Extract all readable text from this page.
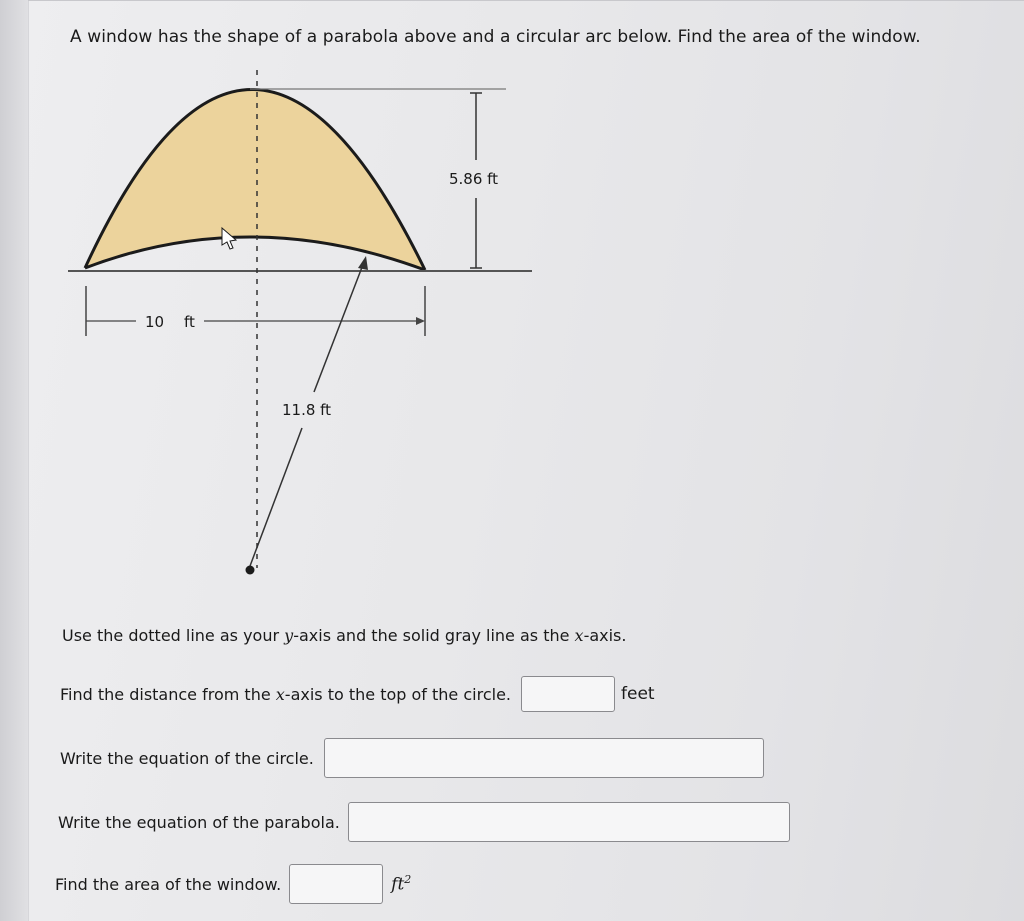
A window has the shape of a parabola above and a circular arc below. Find the area of the window.
5.86 ft
10 ft
11.8 ft
Use the dotted line as your y-axis and the solid gray line as the x-axis.
Find the distance from the x-axis to the top of the circle.	feet
Write the equation of the circle.
Write the equation of the parabola.
Find the area of the window.	$ft^2$
